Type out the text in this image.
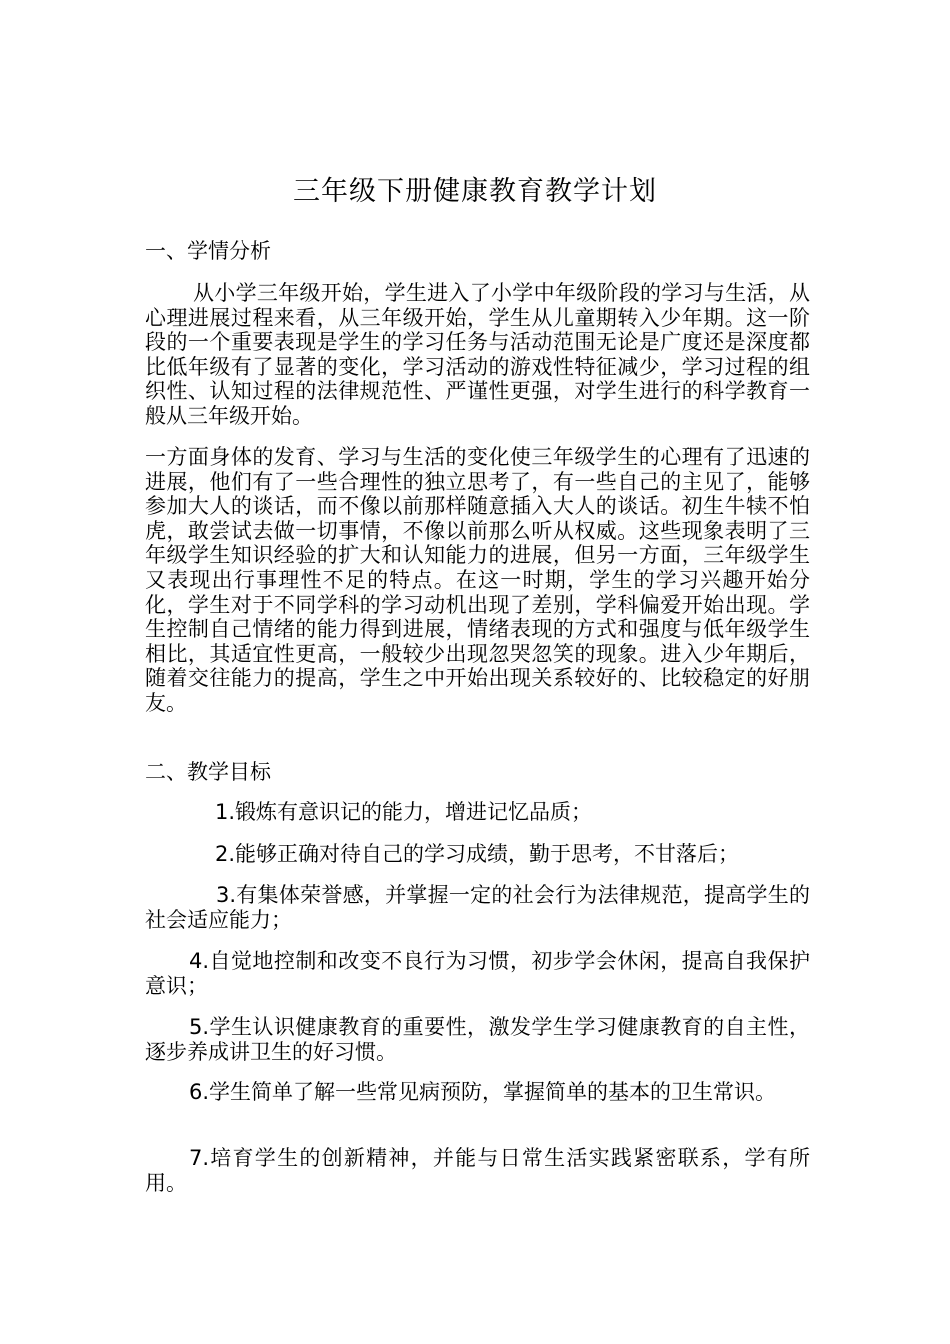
三年级下册健康教育教学计划
一、学情分析
从小学三年级开始，学生进入了小学中年级阶段的学习与生活，从心理进展过程来看，从三年级开始，学生从儿童期转入少年期。这一阶段的一个重要表现是学生的学习任务与活动范围无论是广度还是深度都比低年级有了显著的变化，学习活动的游戏性特征减少，学习过程的组织性、认知过程的法律规范性、严谨性更强，对学生进行的科学教育一般从三年级开始。
一方面身体的发育、学习与生活的变化使三年级学生的心理有了迅速的进展，他们有了一些合理性的独立思考了，有一些自己的主见了，能够参加大人的谈话，而不像以前那样随意插入大人的谈话。初生牛犊不怕虎，敢尝试去做一切事情，不像以前那么听从权威。这些现象表明了三年级学生知识经验的扩大和认知能力的进展，但另一方面，三年级学生又表现出行事理性不足的特点。在这一时期，学生的学习兴趣开始分化，学生对于不同学科的学习动机出现了差别，学科偏爱开始出现。学生控制自己情绪的能力得到进展，情绪表现的方式和强度与低年级学生相比，其适宜性更高，一般较少出现忽哭忽笑的现象。进入少年期后，随着交往能力的提高，学生之中开始出现关系较好的、比较稳定的好朋友。
二、教学目标
1.锻炼有意识记的能力，增进记忆品质；
2.能够正确对待自己的学习成绩，勤于思考，不甘落后；
3.有集体荣誉感，并掌握一定的社会行为法律规范，提高学生的社会适应能力；
4.自觉地控制和改变不良行为习惯，初步学会休闲，提高自我保护意识；
5.学生认识健康教育的重要性，激发学生学习健康教育的自主性，逐步养成讲卫生的好习惯。
6.学生简单了解一些常见病预防，掌握简单的基本的卫生常识。
7.培育学生的创新精神，并能与日常生活实践紧密联系，学有所用。
